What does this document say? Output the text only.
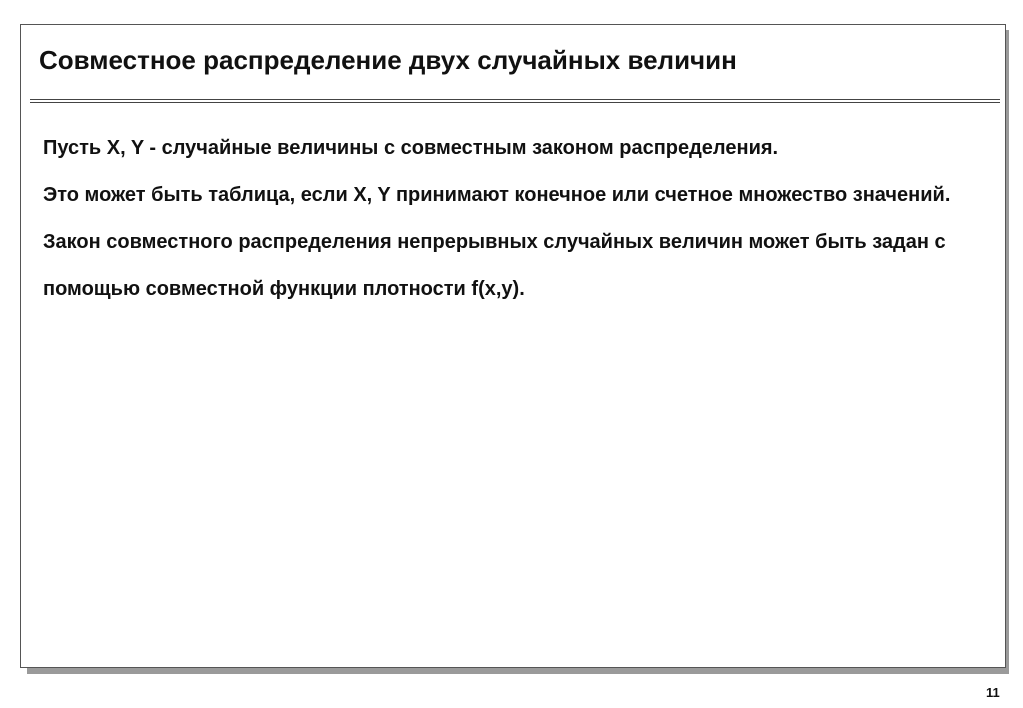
Совместное распределение двух случайных величин

Пусть X, Y - случайные величины с совместным законом распределения.

Это может быть таблица, если X, Y принимают конечное или счетное множество значений. Закон совместного распределения непрерывных случайных величин может быть задан с помощью совместной функции плотности f(x,y).

11
